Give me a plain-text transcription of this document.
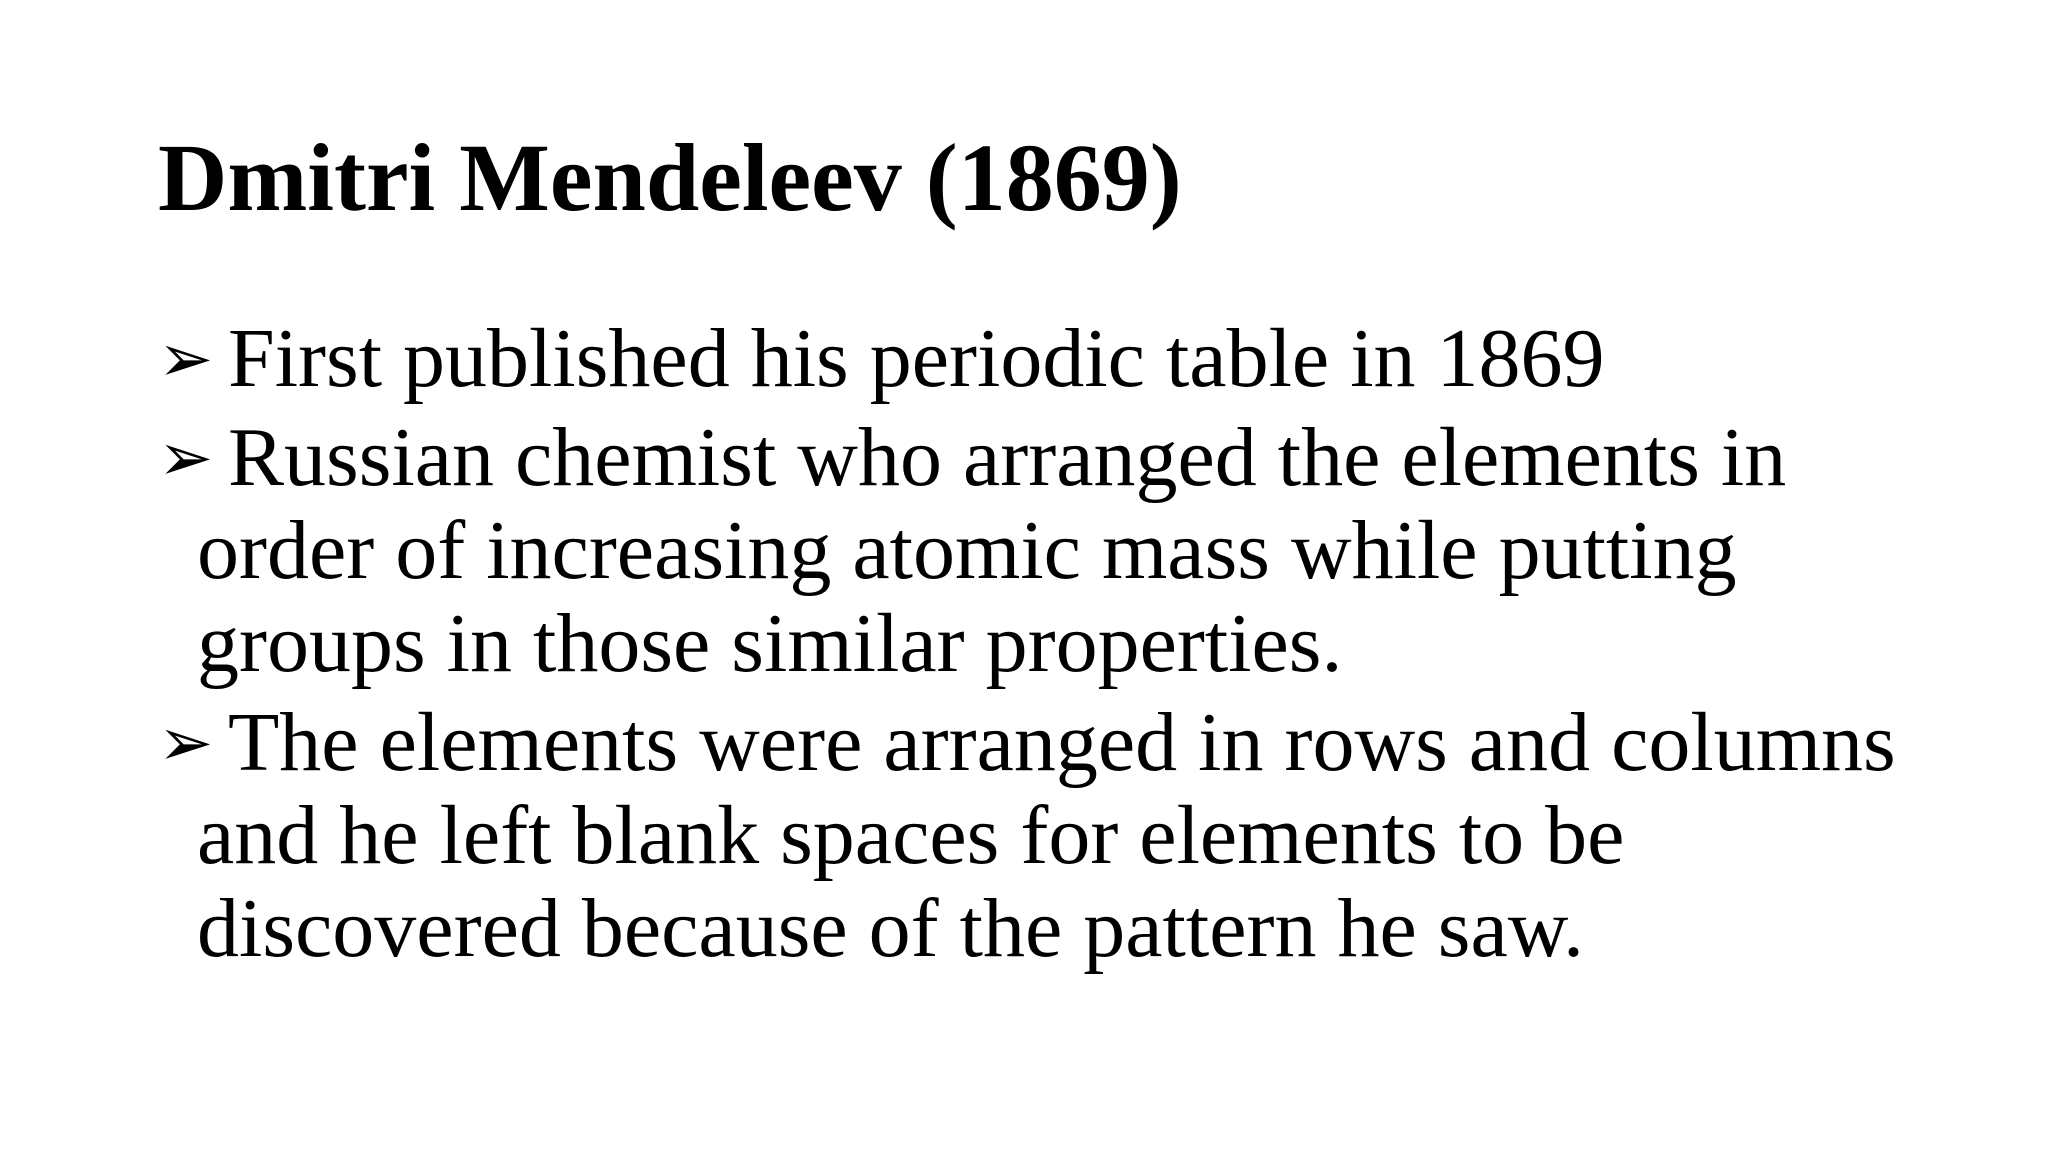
Dmitri Mendeleev (1869)
➢ First published his periodic table in 1869
➢ Russian chemist who arranged the elements in order of increasing atomic mass while putting groups in those similar properties.
➢ The elements were arranged in rows and columns and he left blank spaces for elements to be discovered because of the pattern he saw.
